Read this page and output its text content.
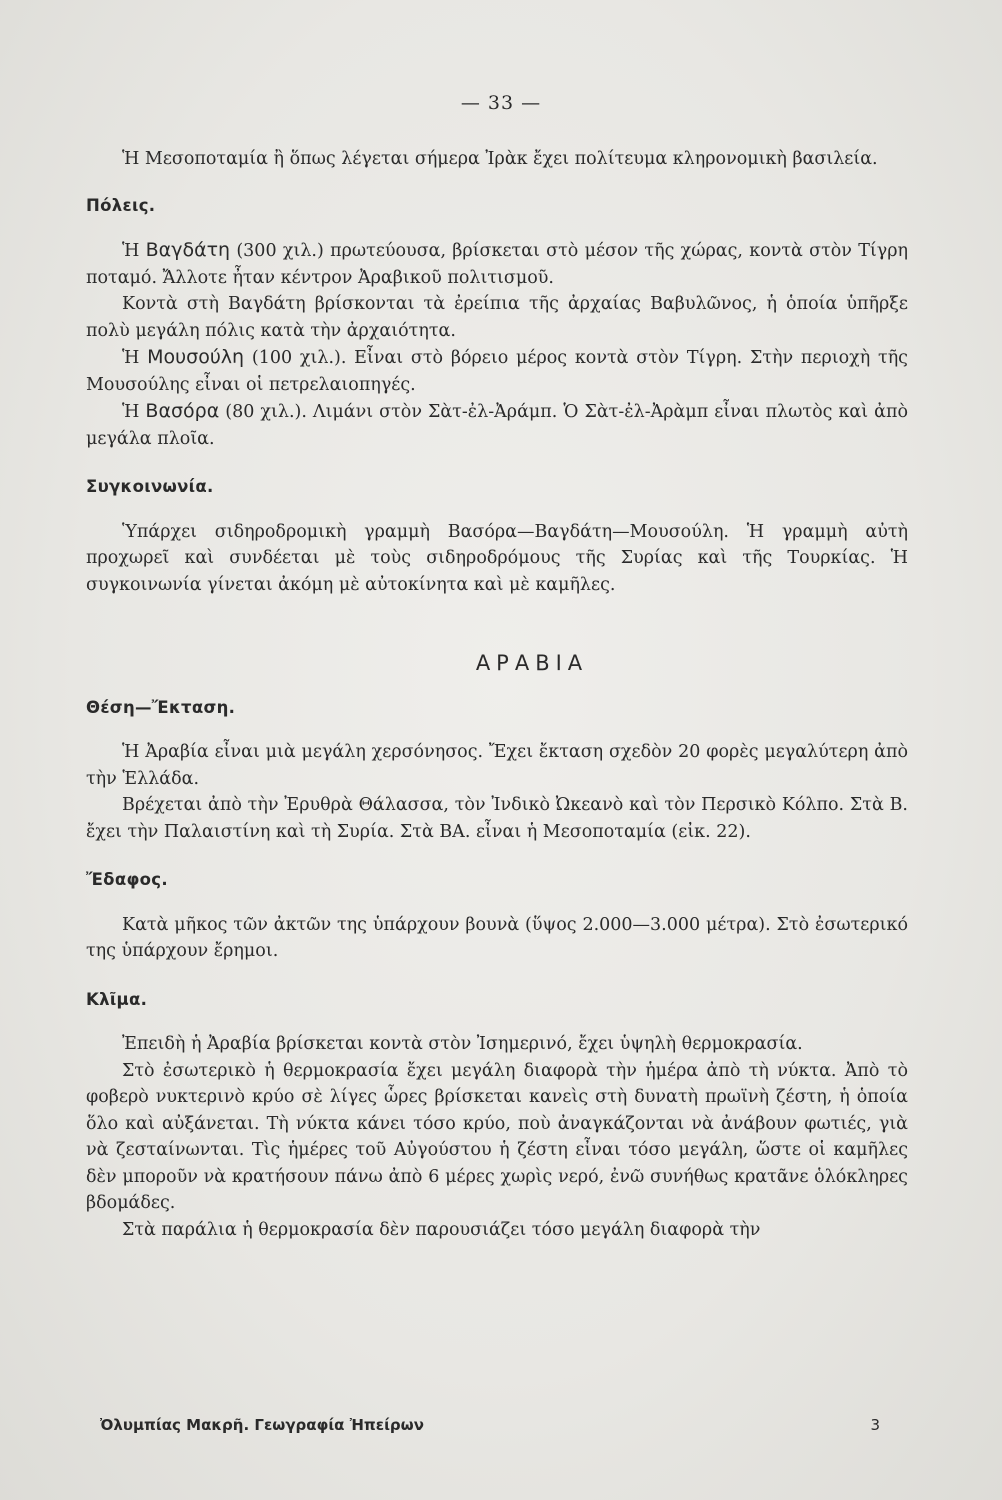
— 33 —

Ἡ Μεσοποταμία ἢ ὅπως λέγεται σήμερα Ἰρὰκ ἔχει πολίτευμα κληρονομικὴ βασιλεία.

Πόλεις.

Ἡ Βαγδάτη (300 χιλ.) πρωτεύουσα, βρίσκεται στὸ μέσον τῆς χώρας, κοντὰ στὸν Τίγρη ποταμό. Ἄλλοτε ἦταν κέντρον Ἀραβικοῦ πολιτισμοῦ.

Κοντὰ στὴ Βαγδάτη βρίσκονται τὰ ἐρείπια τῆς ἀρχαίας Βαβυλῶνος, ἡ ὁποία ὑπῆρξε πολὺ μεγάλη πόλις κατὰ τὴν ἀρχαιότητα.

Ἡ Μουσούλη (100 χιλ.). Εἶναι στὸ βόρειο μέρος κοντὰ στὸν Τίγρη. Στὴν περιοχὴ τῆς Μουσούλης εἶναι οἱ πετρελαιοπηγές.

Ἡ Βασόρα (80 χιλ.). Λιμάνι στὸν Σὰτ-ἐλ-Ἀράμπ. Ὁ Σὰτ-ἐλ-Ἀρὰμπ εἶναι πλωτὸς καὶ ἀπὸ μεγάλα πλοῖα.

Συγκοινωνία.

Ὑπάρχει σιδηροδρομικὴ γραμμὴ Βασόρα—Βαγδάτη—Μουσούλη. Ἡ γραμμὴ αὐτὴ προχωρεῖ καὶ συνδέεται μὲ τοὺς σιδηροδρόμους τῆς Συρίας καὶ τῆς Τουρκίας. Ἡ συγκοινωνία γίνεται ἀκόμη μὲ αὐτοκίνητα καὶ μὲ καμῆλες.

ΑΡΑΒΙΑ
Θέση—Ἔκταση.

Ἡ Ἀραβία εἶναι μιὰ μεγάλη χερσόνησος. Ἔχει ἔκταση σχεδὸν 20 φορὲς μεγαλύτερη ἀπὸ τὴν Ἑλλάδα.

Βρέχεται ἀπὸ τὴν Ἐρυθρὰ Θάλασσα, τὸν Ἰνδικὸ Ὠκεανὸ καὶ τὸν Περσικὸ Κόλπο. Στὰ Β. ἔχει τὴν Παλαιστίνη καὶ τὴ Συρία. Στὰ ΒΑ. εἶναι ἡ Μεσοποταμία (εἰκ. 22).

Ἔδαφος.

Κατὰ μῆκος τῶν ἀκτῶν της ὑπάρχουν βουνὰ (ὕψος 2.000—3.000 μέτρα). Στὸ ἐσωτερικό της ὑπάρχουν ἔρημοι.

Κλῖμα.

Ἐπειδὴ ἡ Ἀραβία βρίσκεται κοντὰ στὸν Ἰσημερινό, ἔχει ὑψηλὴ θερμοκρασία.

Στὸ ἐσωτερικὸ ἡ θερμοκρασία ἔχει μεγάλη διαφορὰ τὴν ἡμέρα ἀπὸ τὴ νύκτα. Ἀπὸ τὸ φοβερὸ νυκτερινὸ κρύο σὲ λίγες ὧρες βρίσκεται κανεὶς στὴ δυνατὴ πρωϊνὴ ζέστη, ἡ ὁποία ὅλο καὶ αὐξάνεται. Τὴ νύκτα κάνει τόσο κρύο, ποὺ ἀναγκάζονται νὰ ἀνάβουν φωτιές, γιὰ νὰ ζεσταίνωνται. Τὶς ἡμέρες τοῦ Αὐγούστου ἡ ζέστη εἶναι τόσο μεγάλη, ὥστε οἱ καμῆλες δὲν μποροῦν νὰ κρατήσουν πάνω ἀπὸ 6 μέρες χωρὶς νερό, ἐνῶ συνήθως κρατᾶνε ὁλόκληρες βδομάδες.

Στὰ παράλια ἡ θερμοκρασία δὲν παρουσιάζει τόσο μεγάλη διαφορὰ τὴν

Ὀλυμπίας Μακρῆ. Γεωγραφία Ἠπείρων	3
